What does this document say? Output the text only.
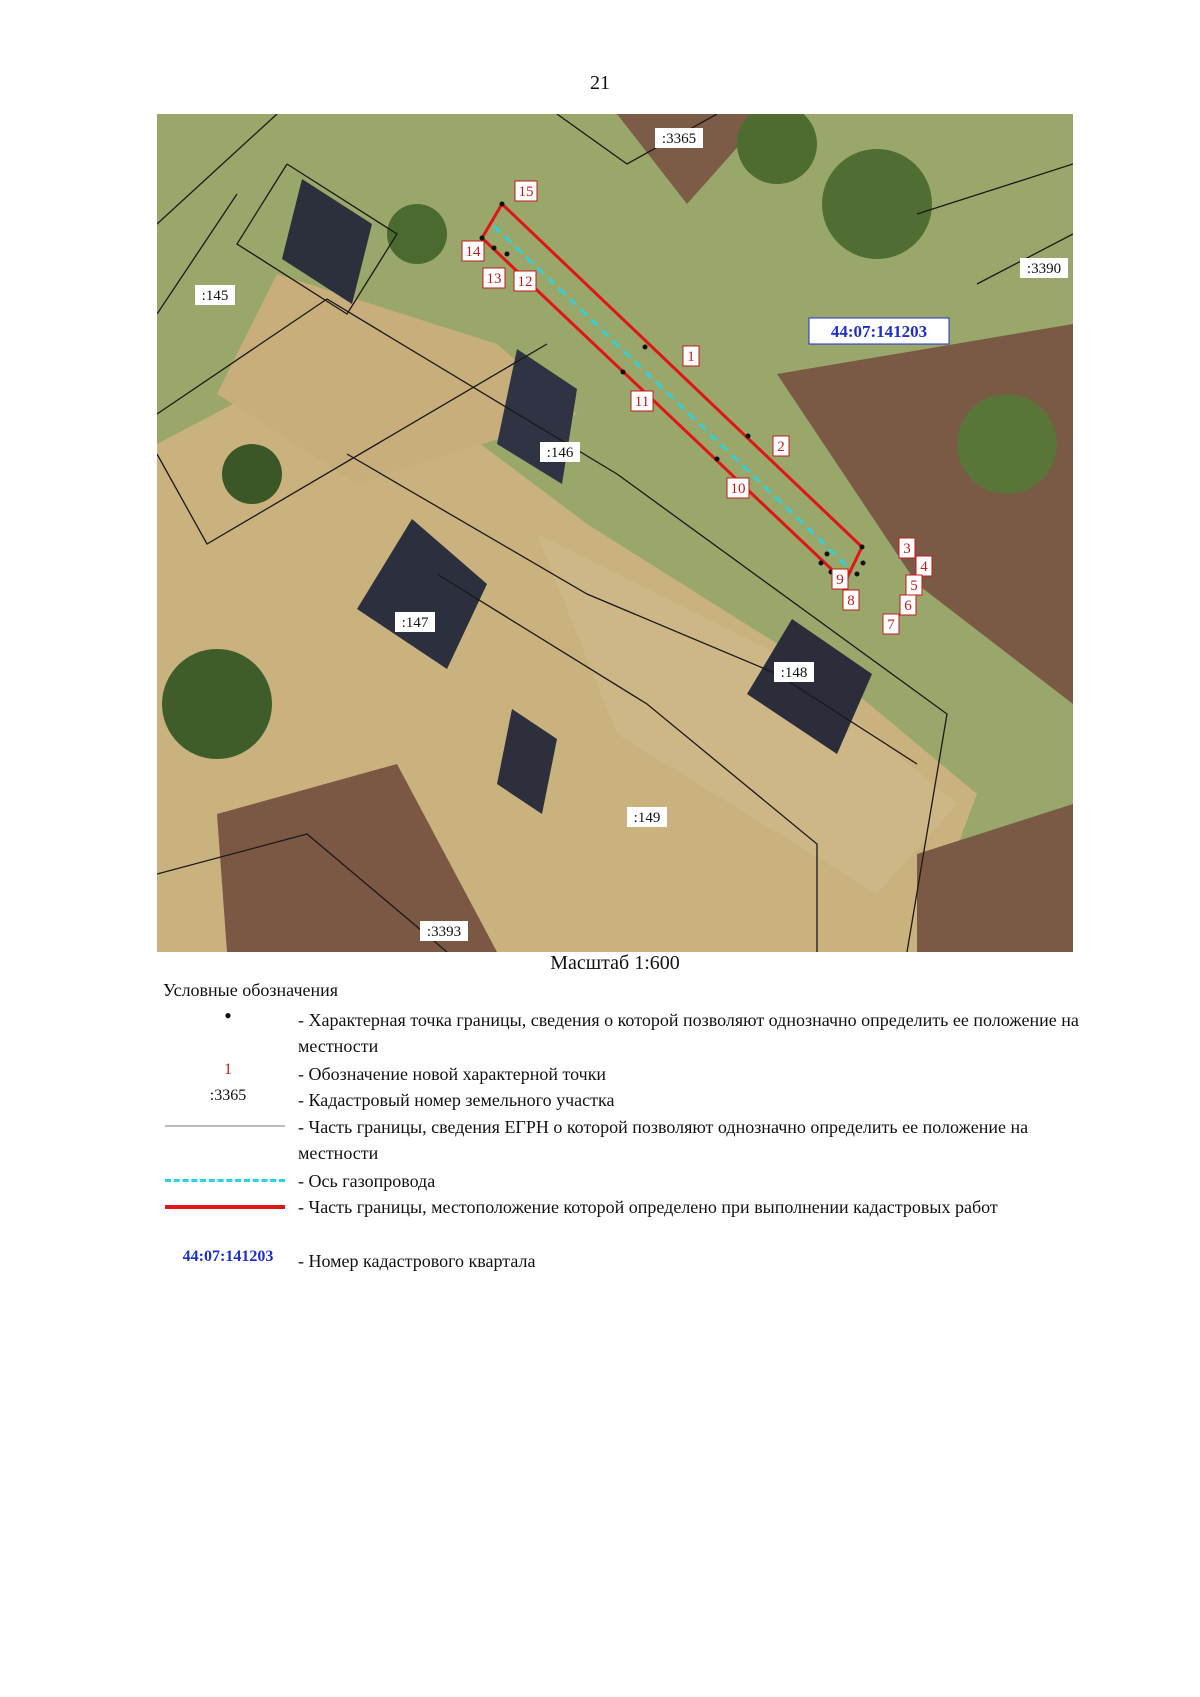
21
15
14
13 12
1
11
2
10
3
4
5
6
7
8
9
:3365
:3390
:145
:146
:147
:148
:149
:3393
44:07:141203
Масштаб 1:600
Условные обозначения
•	- Характерная точка границы, сведения о которой позволяют однозначно определить ее положение на местности
1	- Обозначение новой характерной точки
:3365	- Кадастровый номер земельного участка
- Часть границы, сведения ЕГРН о которой позволяют однозначно определить ее положение на местности
- Ось газопровода
- Часть границы, местоположение которой определено при выполнении кадастровых работ
44:07:141203	- Номер кадастрового квартала
